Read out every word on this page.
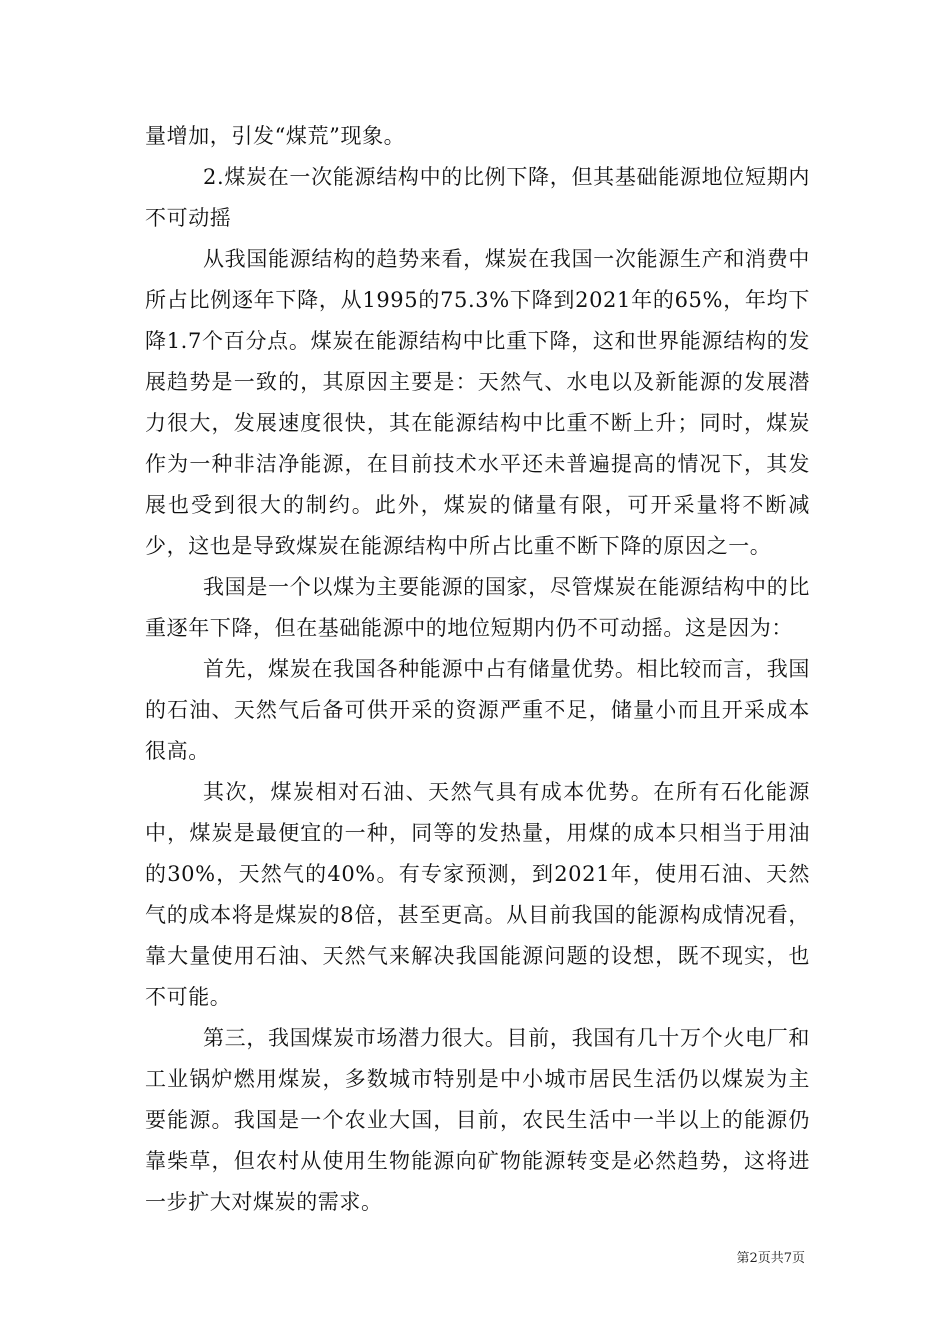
量增加，引发“煤荒”现象。

2.煤炭在一次能源结构中的比例下降，但其基础能源地位短期内不可动摇

从我国能源结构的趋势来看，煤炭在我国一次能源生产和消费中所占比例逐年下降，从1995的75.3%下降到2021年的65%，年均下降1.7个百分点。煤炭在能源结构中比重下降，这和世界能源结构的发展趋势是一致的，其原因主要是：天然气、水电以及新能源的发展潜力很大，发展速度很快，其在能源结构中比重不断上升；同时，煤炭作为一种非洁净能源，在目前技术水平还未普遍提高的情况下，其发展也受到很大的制约。此外，煤炭的储量有限，可开采量将不断减少，这也是导致煤炭在能源结构中所占比重不断下降的原因之一。

我国是一个以煤为主要能源的国家，尽管煤炭在能源结构中的比重逐年下降，但在基础能源中的地位短期内仍不可动摇。这是因为：

首先，煤炭在我国各种能源中占有储量优势。相比较而言，我国的石油、天然气后备可供开采的资源严重不足，储量小而且开采成本很高。

其次，煤炭相对石油、天然气具有成本优势。在所有石化能源中，煤炭是最便宜的一种，同等的发热量，用煤的成本只相当于用油的30%，天然气的40%。有专家预测，到2021年，使用石油、天然气的成本将是煤炭的8倍，甚至更高。从目前我国的能源构成情况看，靠大量使用石油、天然气来解决我国能源问题的设想，既不现实，也不可能。

第三，我国煤炭市场潜力很大。目前，我国有几十万个火电厂和工业锅炉燃用煤炭，多数城市特别是中小城市居民生活仍以煤炭为主要能源。我国是一个农业大国，目前，农民生活中一半以上的能源仍靠柴草，但农村从使用生物能源向矿物能源转变是必然趋势，这将进一步扩大对煤炭的需求。

第2页共7页
